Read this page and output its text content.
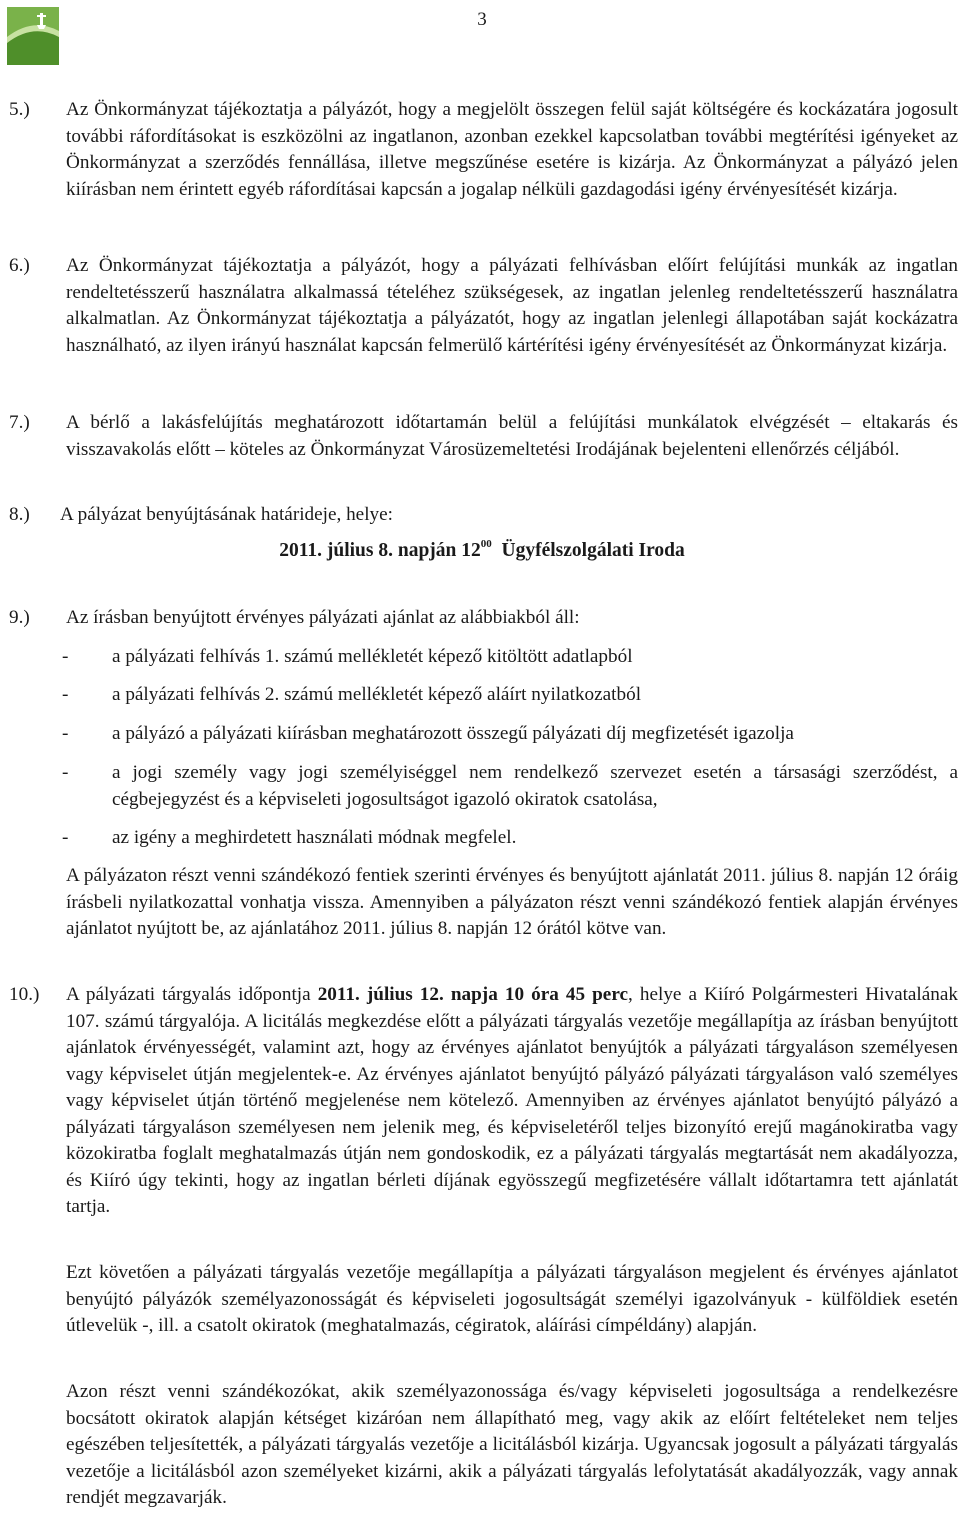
3
5.) Az Önkormányzat tájékoztatja a pályázót, hogy a megjelölt összegen felül saját költségére és kockázatára jogosult további ráfordításokat is eszközölni az ingatlanon, azonban ezekkel kapcsolatban további megtérítési igényeket az Önkormányzat a szerződés fennállása, illetve megszűnése esetére is kizárja. Az Önkormányzat a pályázó jelen kiírásban nem érintett egyéb ráfordításai kapcsán a jogalap nélküli gazdagodási igény érvényesítését kizárja.
6.) Az Önkormányzat tájékoztatja a pályázót, hogy a pályázati felhívásban előírt felújítási munkák az ingatlan rendeltetésszerű használatra alkalmassá tételéhez szükségesek, az ingatlan jelenleg rendeltetésszerű használatra alkalmatlan. Az Önkormányzat tájékoztatja a pályázatót, hogy az ingatlan jelenlegi állapotában saját kockázatra használható, az ilyen irányú használat kapcsán felmerülő kártérítési igény érvényesítését az Önkormányzat kizárja.
7.) A bérlő a lakásfelújítás meghatározott időtartamán belül a felújítási munkálatok elvégzését – eltakarás és visszavakolás előtt – köteles az Önkormányzat Városüzemeltetési Irodájának bejelenteni ellenőrzés céljából.
8.) A pályázat benyújtásának határideje, helye:
2011. július 8. napján $12^{00}$ Ügyfélszolgálati Iroda
9.) Az írásban benyújtott érvényes pályázati ajánlat az alábbiakból áll:
- a pályázati felhívás 1. számú mellékletét képező kitöltött adatlapból
- a pályázati felhívás 2. számú mellékletét képező aláírt nyilatkozatból
- a pályázó a pályázati kiírásban meghatározott összegű pályázati díj megfizetését igazolja
- a jogi személy vagy jogi személyiséggel nem rendelkező szervezet esetén a társasági szerződést, a cégbejegyzést és a képviseleti jogosultságot igazoló okiratok csatolása,
- az igény a meghirdetett használati módnak megfelel.
A pályázaton részt venni szándékozó fentiek szerinti érvényes és benyújtott ajánlatát 2011. július 8. napján 12 óráig írásbeli nyilatkozattal vonhatja vissza. Amennyiben a pályázaton részt venni szándékozó fentiek alapján érvényes ajánlatot nyújtott be, az ajánlatához 2011. július 8. napján 12 órától kötve van.
10.) A pályázati tárgyalás időpontja 2011. július 12. napja 10 óra 45 perc, helye a Kiíró Polgármesteri Hivatalának 107. számú tárgyalója. A licitálás megkezdése előtt a pályázati tárgyalás vezetője megállapítja az írásban benyújtott ajánlatok érvényességét, valamint azt, hogy az érvényes ajánlatot benyújtók a pályázati tárgyaláson személyesen vagy képviselet útján megjelentek-e. Az érvényes ajánlatot benyújtó pályázó pályázati tárgyaláson való személyes vagy képviselet útján történő megjelenése nem kötelező. Amennyiben az érvényes ajánlatot benyújtó pályázó a pályázati tárgyaláson személyesen nem jelenik meg, és képviseletéről teljes bizonyító erejű magánokiratba vagy közokiratba foglalt meghatalmazás útján nem gondoskodik, ez a pályázati tárgyalás megtartását nem akadályozza, és Kiíró úgy tekinti, hogy az ingatlan bérleti díjának egyösszegű megfizetésére vállalt időtartamra tett ajánlatát tartja.
Ezt követően a pályázati tárgyalás vezetője megállapítja a pályázati tárgyaláson megjelent és érvényes ajánlatot benyújtó pályázók személyazonosságát és képviseleti jogosultságát személyi igazolványuk - külföldiek esetén útlevelük -, ill. a csatolt okiratok (meghatalmazás, cégiratok, aláírási címpéldány) alapján.
Azon részt venni szándékozókat, akik személyazonossága és/vagy képviseleti jogosultsága a rendelkezésre bocsátott okiratok alapján kétséget kizáróan nem állapítható meg, vagy akik az előírt feltételeket nem teljes egészében teljesítették, a pályázati tárgyalás vezetője a licitálásból kizárja. Ugyancsak jogosult a pályázati tárgyalás vezetője a licitálásból azon személyeket kizárni, akik a pályázati tárgyalás lefolytatását akadályozzák, vagy annak rendjét megzavarják.
